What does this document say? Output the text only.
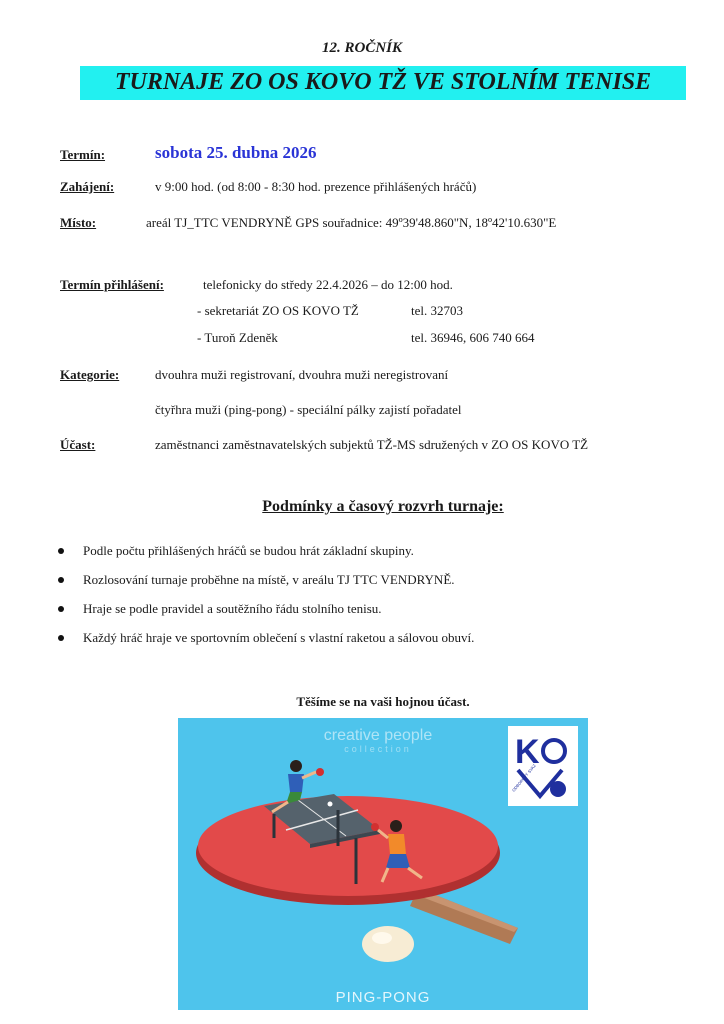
12. ROČNÍK
TURNAJE ZO OS KOVO TŽ VE STOLNÍM TENISE
Termín:	sobota 25. dubna 2026
Zahájení:	v 9:00 hod. (od 8:00 - 8:30 hod. prezence přihlášených hráčů)
Místo:	areál TJ_TTC VENDRYNĚ GPS souřadnice: 49º39'48.860"N, 18º42'10.630"E
Termín přihlášení:	telefonicky do středy 22.4.2026 – do 12:00 hod.
- sekretariát ZO OS KOVO TŽ	tel. 32703
- Turoň Zdeněk	tel. 36946, 606 740 664
Kategorie:	dvouhra muži registrovaní, dvouhra muži neregistrovaní
čtyřhra muži (ping-pong) - speciální pálky zajistí pořadatel
Účast:	zaměstnanci zaměstnavatelských subjektů TŽ-MS sdružených v ZO OS KOVO TŽ
Podmínky a časový rozvrh turnaje:
Podle počtu přihlášených hráčů se budou hrát základní skupiny.
Rozlosování turnaje proběhne na místě, v areálu TJ TTC VENDRYNĚ.
Hraje se podle pravidel a soutěžního řádu stolního tenisu.
Každý hráč hraje ve sportovním oblečení s vlastní raketou a sálovou obuví.
Těšíme se na vaši hojnou účast.
creative people
collection	K
ODBOROVÝ SVAZ
PING-PONG
